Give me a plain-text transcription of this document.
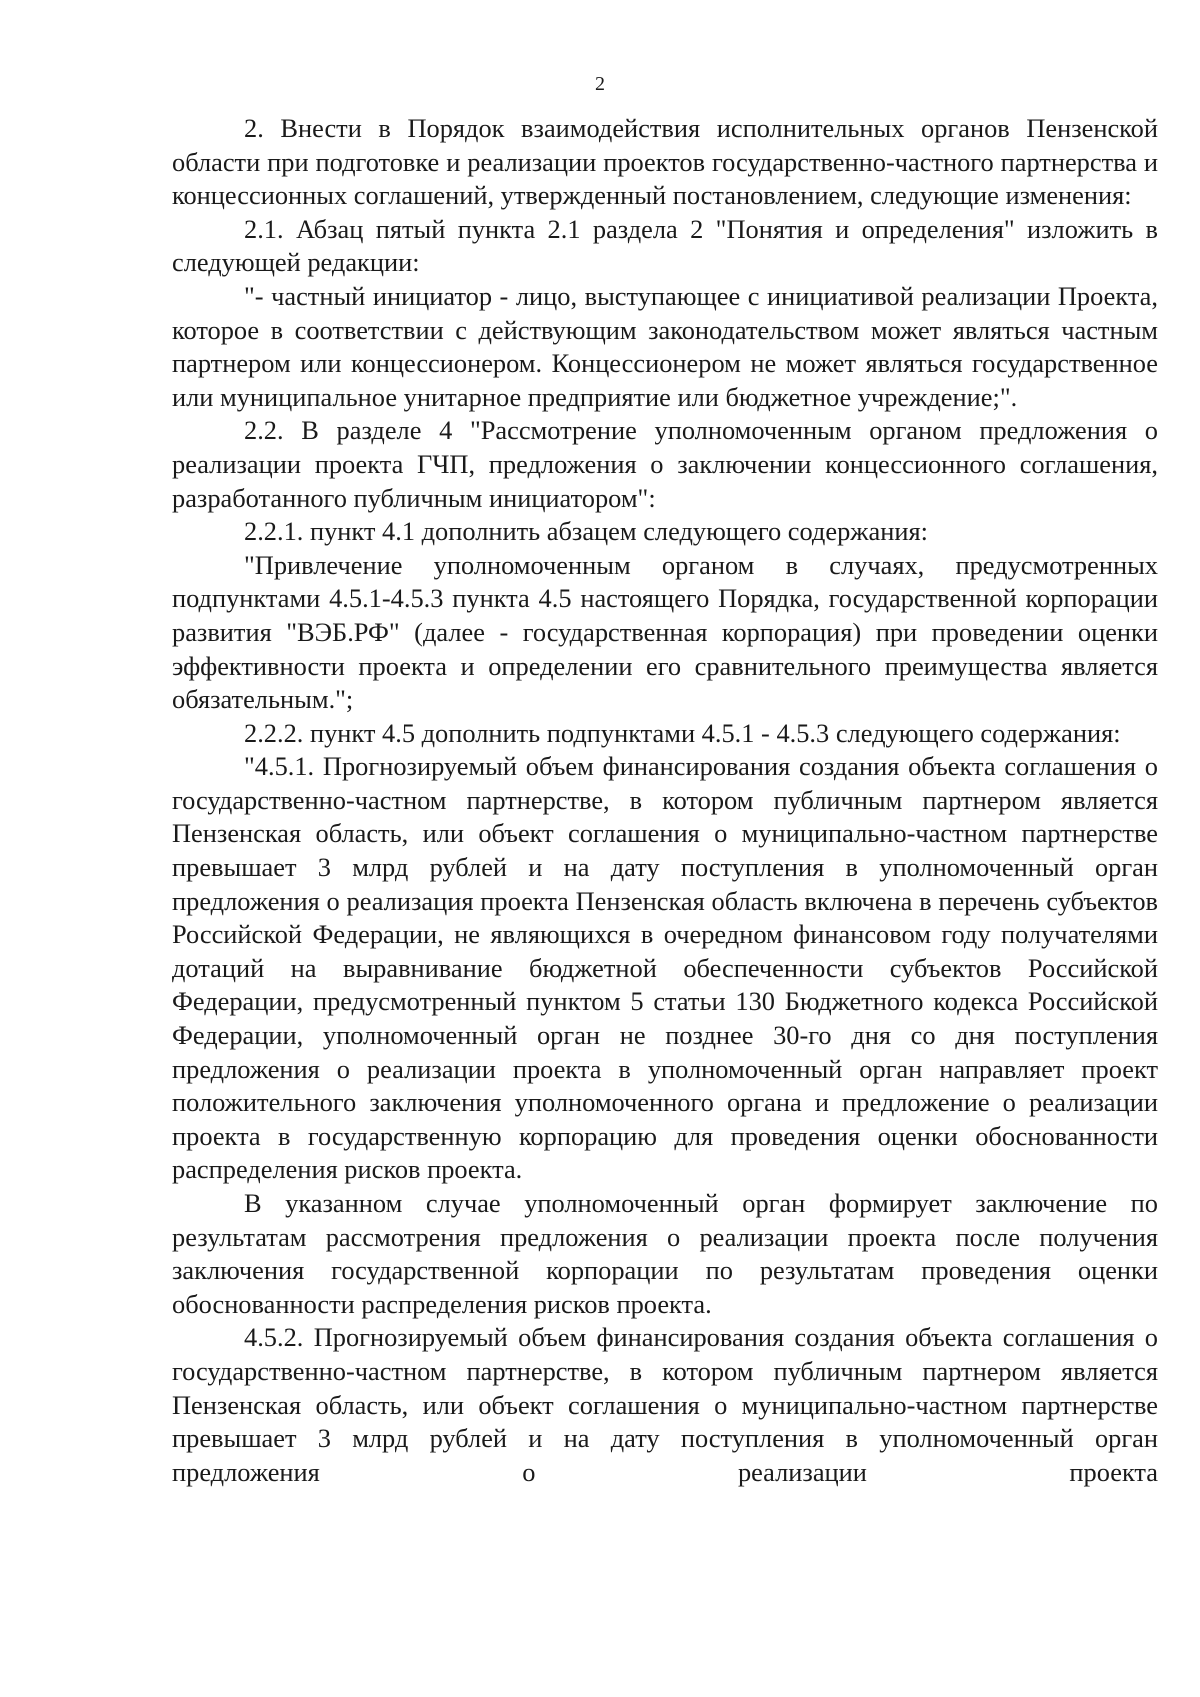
2

2. Внести в Порядок взаимодействия исполнительных органов Пензенской области при подготовке и реализации проектов государственно-частного партнерства и концессионных соглашений, утвержденный постановлением, следующие изменения:

2.1. Абзац пятый пункта 2.1 раздела 2 "Понятия и определения" изложить в следующей редакции:

"- частный инициатор - лицо, выступающее с инициативой реализации Проекта, которое в соответствии с действующим законодательством может являться частным партнером или концессионером. Концессионером не может являться государственное или муниципальное унитарное предприятие или бюджетное учреждение;".

2.2. В разделе 4 "Рассмотрение уполномоченным органом предложения о реализации проекта ГЧП, предложения о заключении концессионного соглашения, разработанного публичным инициатором":

2.2.1. пункт 4.1 дополнить абзацем следующего содержания:

"Привлечение уполномоченным органом в случаях, предусмотренных подпунктами 4.5.1-4.5.3 пункта 4.5 настоящего Порядка, государственной корпорации развития "ВЭБ.РФ" (далее - государственная корпорация) при проведении оценки эффективности проекта и определении его сравнительного преимущества является обязательным.";

2.2.2. пункт 4.5 дополнить подпунктами 4.5.1 - 4.5.3 следующего содержания:

"4.5.1. Прогнозируемый объем финансирования создания объекта соглашения о государственно-частном партнерстве, в котором публичным партнером является Пензенская область, или объект соглашения о муниципально-частном партнерстве превышает 3 млрд рублей и на дату поступления в уполномоченный орган предложения о реализация проекта Пензенская область включена в перечень субъектов Российской Федерации, не являющихся в очередном финансовом году получателями дотаций на выравнивание бюджетной обеспеченности субъектов Российской Федерации, предусмотренный пунктом 5 статьи 130 Бюджетного кодекса Российской Федерации, уполномоченный орган не позднее 30-го дня со дня поступления предложения о реализации проекта в уполномоченный орган направляет проект положительного заключения уполномоченного органа и предложение о реализации проекта в государственную корпорацию для проведения оценки обоснованности распределения рисков проекта.

В указанном случае уполномоченный орган формирует заключение по результатам рассмотрения предложения о реализации проекта после получения заключения государственной корпорации по результатам проведения оценки обоснованности распределения рисков проекта.

4.5.2. Прогнозируемый объем финансирования создания объекта соглашения о государственно-частном партнерстве, в котором публичным партнером является Пензенская область, или объект соглашения о муниципально-частном партнерстве превышает 3 млрд рублей и на дату поступления в уполномоченный орган предложения о реализации проекта
